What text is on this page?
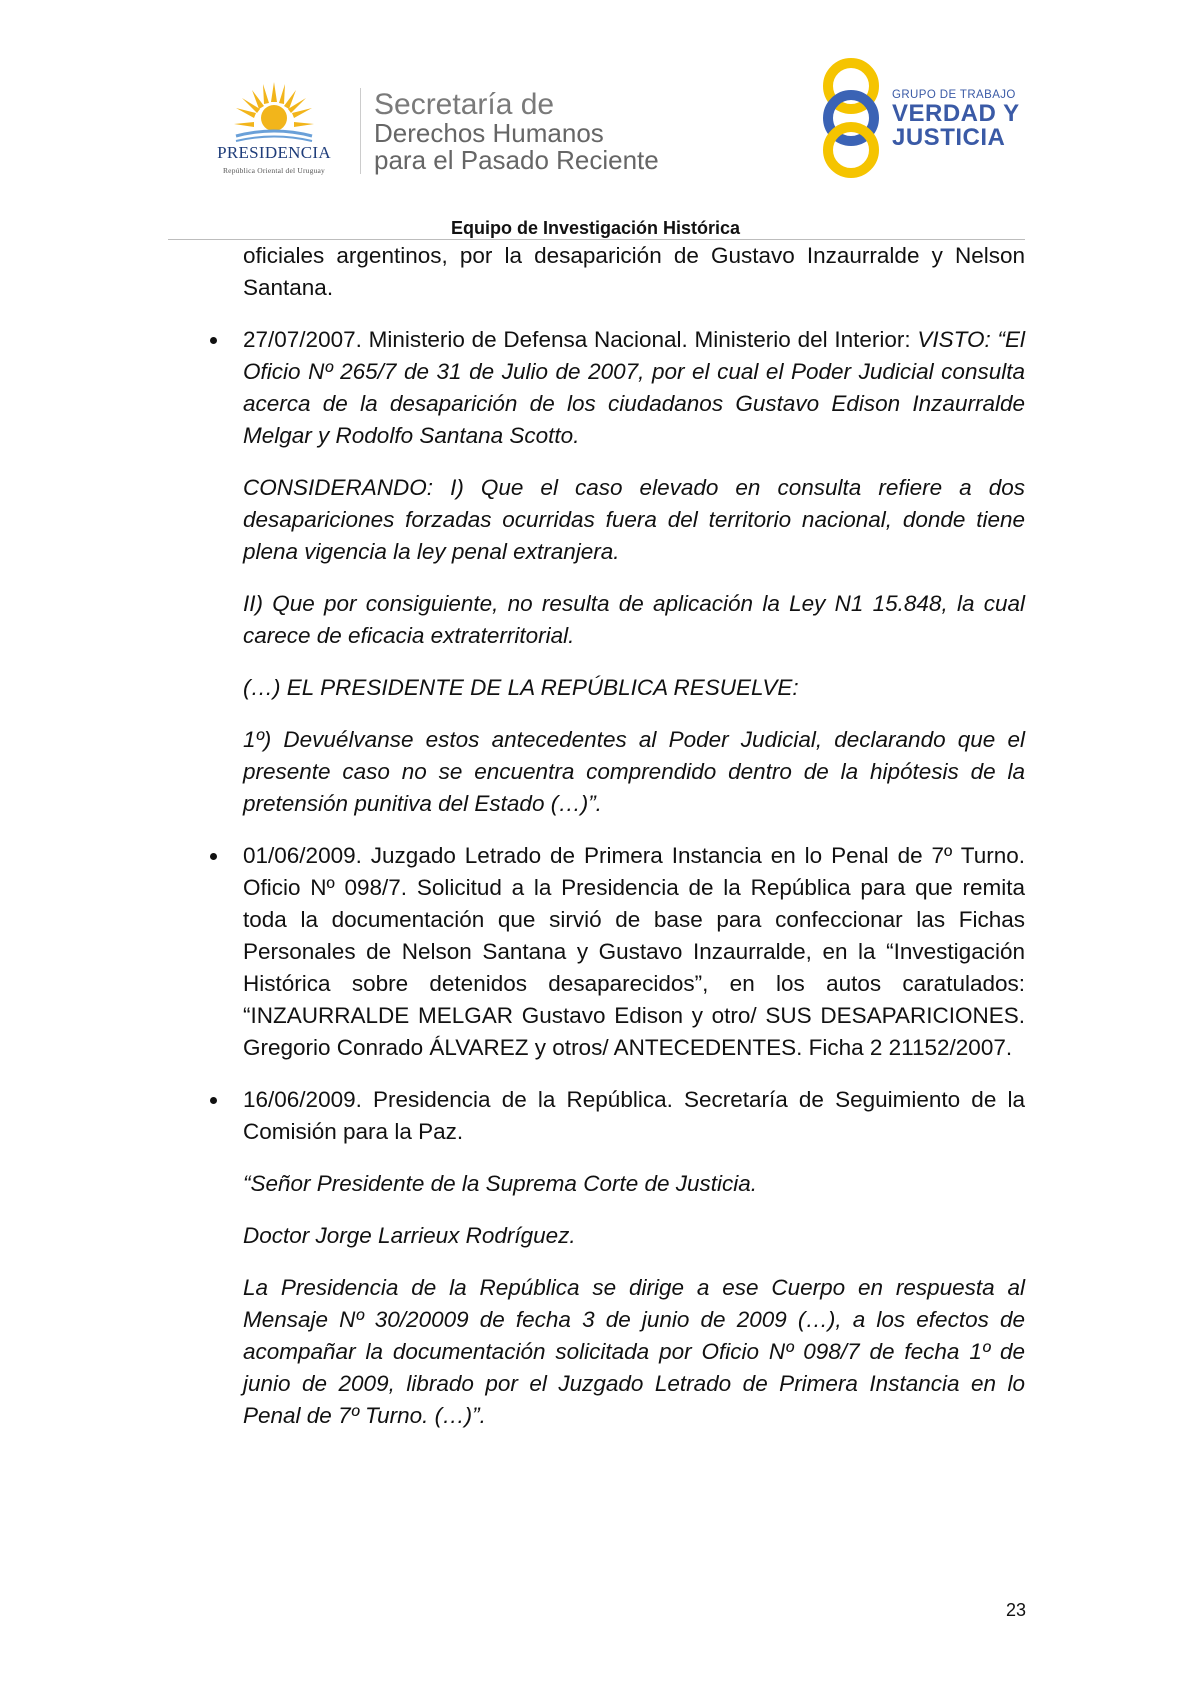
PRESIDENCIA
República Oriental del Uruguay
Secretaría de
Derechos Humanos
para el Pasado Reciente
GRUPO DE TRABAJO
VERDAD Y
JUSTICIA
Equipo de Investigación Histórica

oficiales argentinos, por la desaparición de Gustavo Inzaurralde y Nelson Santana.

27/07/2007. Ministerio de Defensa Nacional. Ministerio del Interior: VISTO: “El Oficio Nº 265/7 de 31 de Julio de 2007, por el cual el Poder Judicial consulta acerca de la desaparición de los ciudadanos Gustavo Edison Inzaurralde Melgar y Rodolfo Santana Scotto.

CONSIDERANDO: I) Que el caso elevado en consulta refiere a dos desapariciones forzadas ocurridas fuera del territorio nacional, donde tiene plena vigencia la ley penal extranjera.

II) Que por consiguiente, no resulta de aplicación la Ley N1 15.848, la cual carece de eficacia extraterritorial.

(…) EL PRESIDENTE DE LA REPÚBLICA RESUELVE:

1º) Devuélvanse estos antecedentes al Poder Judicial, declarando que el presente caso no se encuentra comprendido dentro de la hipótesis de la pretensión punitiva del Estado (…)”.

01/06/2009. Juzgado Letrado de Primera Instancia en lo Penal de 7º Turno. Oficio Nº 098/7. Solicitud a la Presidencia de la República para que remita toda la documentación que sirvió de base para confeccionar las Fichas Personales de Nelson Santana y Gustavo Inzaurralde, en la “Investigación Histórica sobre detenidos desaparecidos”, en los autos caratulados: “INZAURRALDE MELGAR Gustavo Edison y otro/ SUS DESAPARICIONES. Gregorio Conrado ÁLVAREZ y otros/ ANTECEDENTES. Ficha 2 21152/2007.

16/06/2009. Presidencia de la República. Secretaría de Seguimiento de la Comisión para la Paz.

“Señor Presidente de la Suprema Corte de Justicia.

Doctor Jorge Larrieux Rodríguez.

La Presidencia de la República se dirige a ese Cuerpo en respuesta al Mensaje Nº 30/20009 de fecha 3 de junio de 2009 (…), a los efectos de acompañar la documentación solicitada por Oficio Nº 098/7 de fecha 1º de junio de 2009, librado por el Juzgado Letrado de Primera Instancia en lo Penal de 7º Turno. (…)”.

23
